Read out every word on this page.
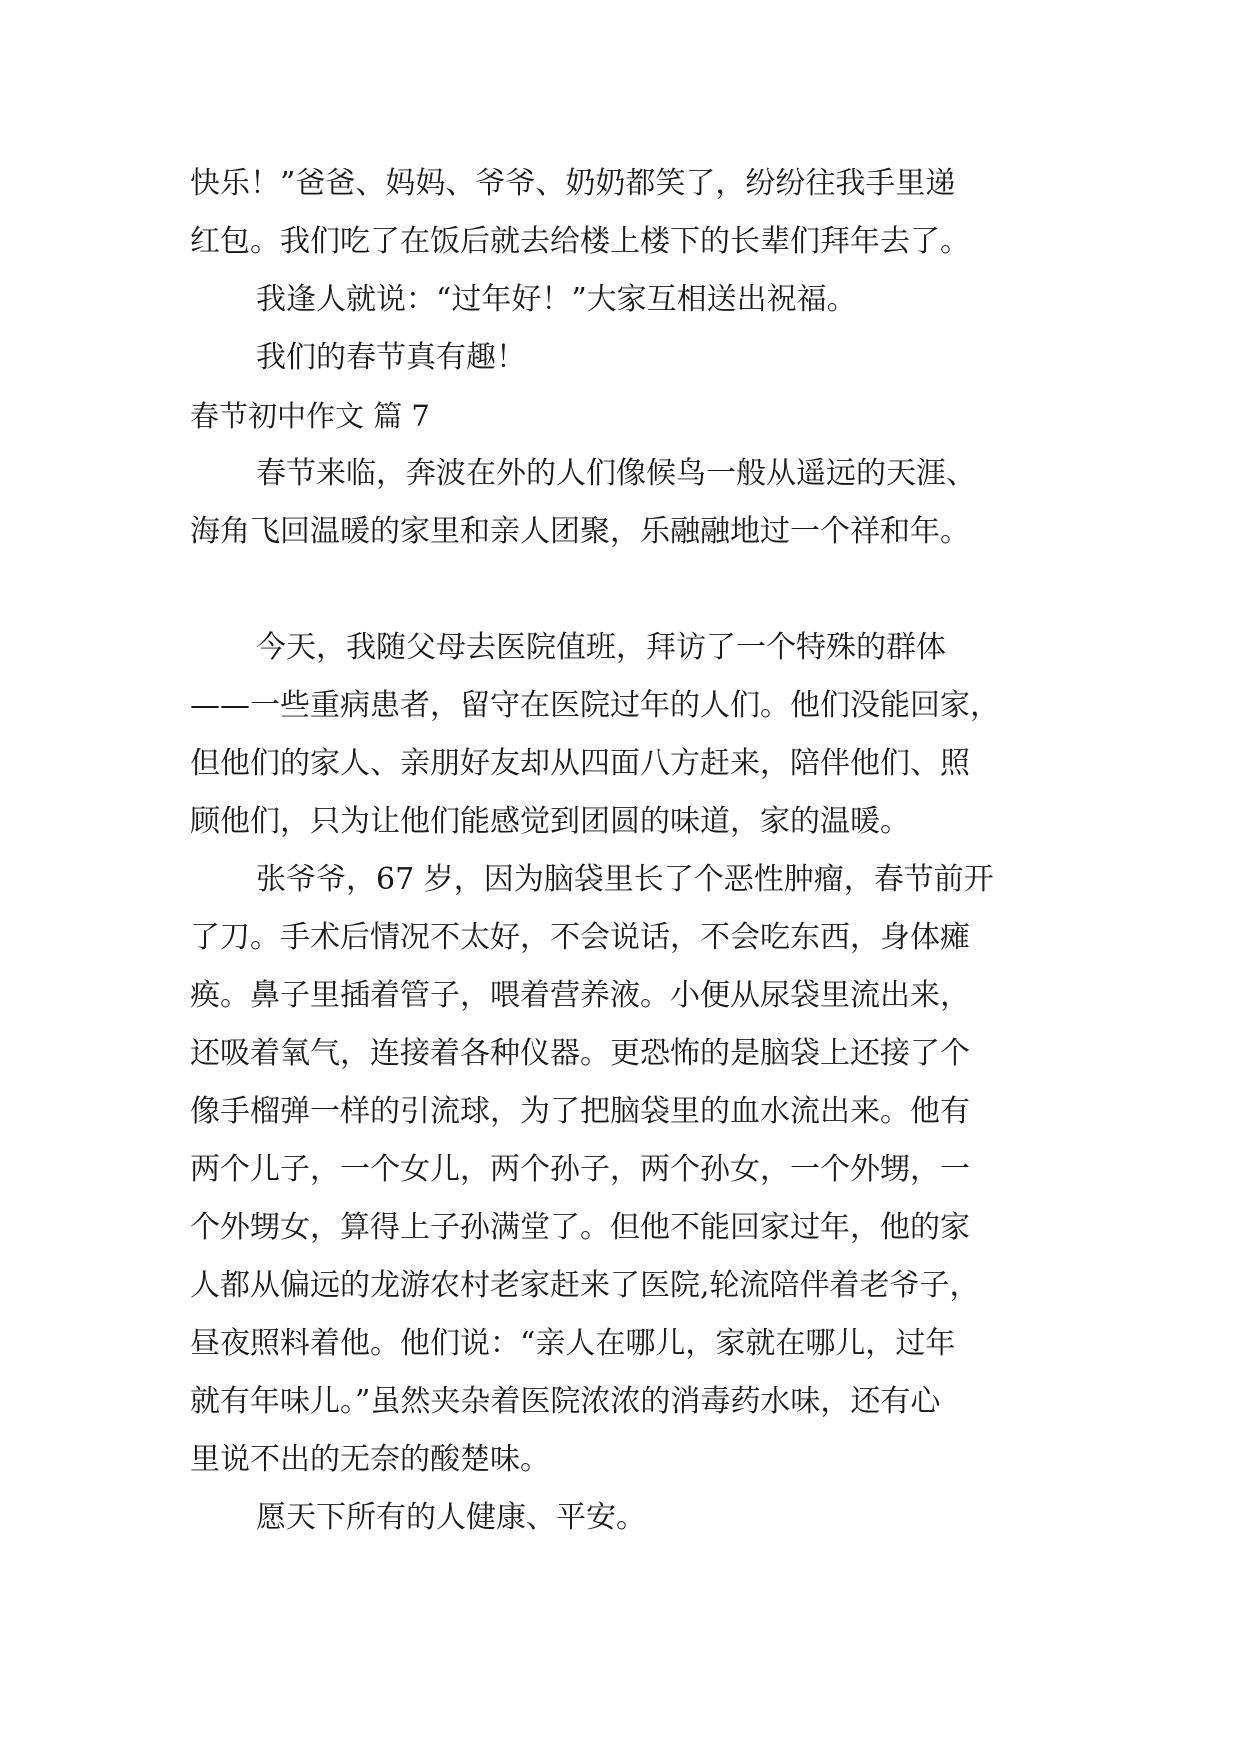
快乐！”爸爸、妈妈、爷爷、奶奶都笑了，纷纷往我手里递
红包。我们吃了在饭后就去给楼上楼下的长辈们拜年去了。
我逢人就说：“过年好！”大家互相送出祝福。
我们的春节真有趣！
春节初中作文 篇 7
春节来临，奔波在外的人们像候鸟一般从遥远的天涯、
海角飞回温暖的家里和亲人团聚，乐融融地过一个祥和年。
今天，我随父母去医院值班，拜访了一个特殊的群体
——一些重病患者，留守在医院过年的人们。他们没能回家，
但他们的家人、亲朋好友却从四面八方赶来，陪伴他们、照
顾他们，只为让他们能感觉到团圆的味道，家的温暖。
张爷爷，67 岁，因为脑袋里长了个恶性肿瘤，春节前开
了刀。手术后情况不太好，不会说话，不会吃东西，身体瘫
痪。鼻子里插着管子，喂着营养液。小便从尿袋里流出来，
还吸着氧气，连接着各种仪器。更恐怖的是脑袋上还接了个
像手榴弹一样的引流球，为了把脑袋里的血水流出来。他有
两个儿子，一个女儿，两个孙子，两个孙女，一个外甥，一
个外甥女，算得上子孙满堂了。但他不能回家过年，他的家
人都从偏远的龙游农村老家赶来了医院,轮流陪伴着老爷子，
昼夜照料着他。他们说：“亲人在哪儿，家就在哪儿，过年
就有年味儿。”虽然夹杂着医院浓浓的消毒药水味，还有心
里说不出的无奈的酸楚味。
愿天下所有的人健康、平安。
